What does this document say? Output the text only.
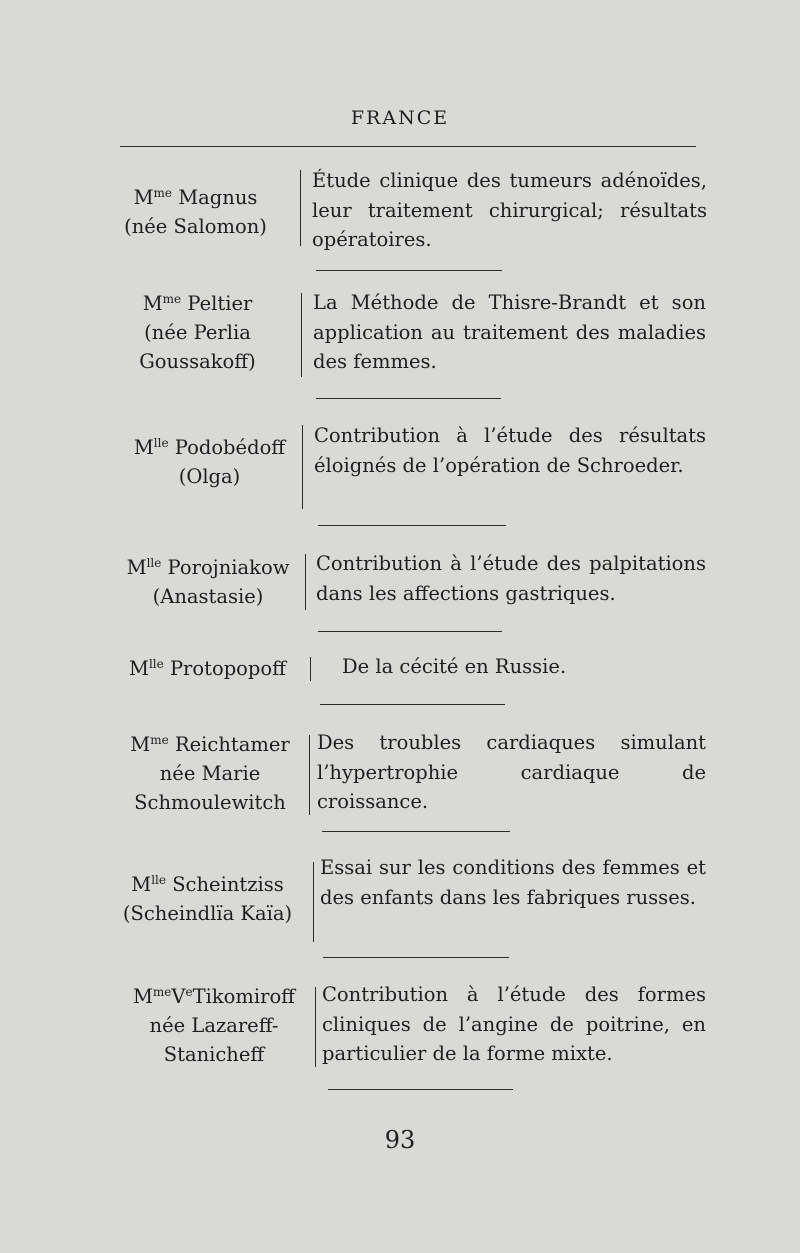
FRANCE
$M^{me}$ Magnus
(née Salomon)
Étude clinique des tumeurs adénoïdes, leur traitement chirurgical; résultats opératoires.
$M^{me}$ Peltier
(née Perlia
Goussakoff)
La Méthode de Thisre-Brandt et son application au traitement des maladies des femmes.
$M^{lle}$ Podobédoff
(Olga)
Contribution à l’étude des résultats éloignés de l’opération de Schroeder.
$M^{lle}$ Porojniakow
(Anastasie)
Contribution à l’étude des palpitations dans les affections gastriques.
$M^{lle}$ Protopopoff	De la cécité en Russie.
$M^{me}$ Reichtamer
née Marie
Schmoulewitch
Des troubles cardiaques simulant l’hypertrophie cardiaque de croissance.
$M^{lle}$ Scheintziss
(Scheindlïa Kaïa)
Essai sur les conditions des femmes et des enfants dans les fabriques russes.
$M^{me}VeTikomiroff$
née Lazareff-
Stanicheff
Contribution à l’étude des formes cliniques de l’angine de poitrine, en particulier de la forme mixte.
93
